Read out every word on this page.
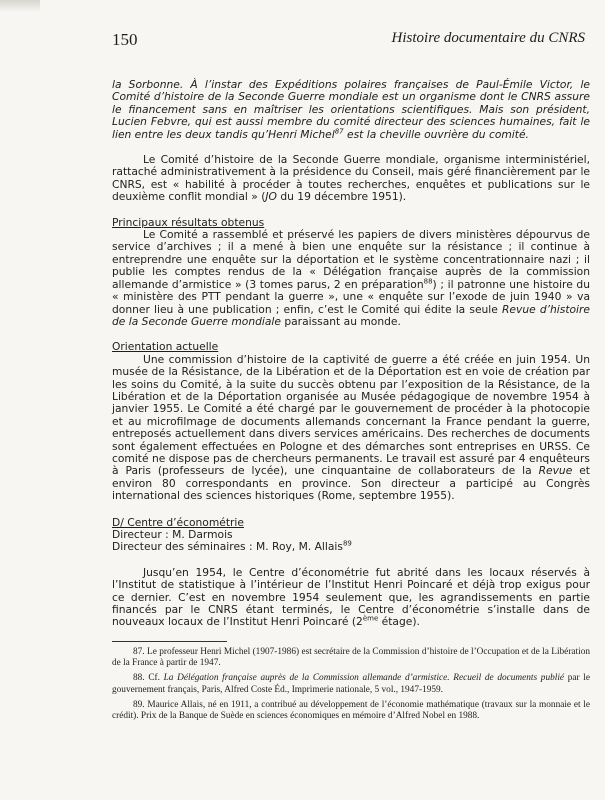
150	Histoire documentaire du CNRS

la Sorbonne. À l’instar des Expéditions polaires françaises de Paul-Émile Victor, le Comité d’histoire de la Seconde Guerre mondiale est un organisme dont le CNRS assure le financement sans en maîtriser les orientations scientifiques. Mais son président, Lucien Febvre, qui est aussi membre du comité directeur des sciences humaines, fait le lien entre les deux tandis qu’Henri Michel$^{87}$ est la cheville ouvrière du comité.

Le Comité d’histoire de la Seconde Guerre mondiale, organisme interministériel, rattaché administrativement à la présidence du Conseil, mais géré financièrement par le CNRS, est « habilité à procéder à toutes recherches, enquêtes et publications sur le deuxième conflit mondial » (JO du 19 décembre 1951).

Principaux résultats obtenus

Le Comité a rassemblé et préservé les papiers de divers ministères dépourvus de service d’archives ; il a mené à bien une enquête sur la résistance ; il continue à entreprendre une enquête sur la déportation et le système concentrationnaire nazi ; il publie les comptes rendus de la « Délégation française auprès de la commission allemande d’armistice » (3 tomes parus, 2 en préparation$^{88}$) ; il patronne une histoire du « ministère des PTT pendant la guerre », une « enquête sur l’exode de juin 1940 » va donner lieu à une publication ; enfin, c’est le Comité qui édite la seule Revue d’histoire de la Seconde Guerre mondiale paraissant au monde.

Orientation actuelle

Une commission d’histoire de la captivité de guerre a été créée en juin 1954. Un musée de la Résistance, de la Libération et de la Déportation est en voie de création par les soins du Comité, à la suite du succès obtenu par l’exposition de la Résistance, de la Libération et de la Déportation organisée au Musée pédagogique de novembre 1954 à janvier 1955. Le Comité a été chargé par le gouvernement de procéder à la photocopie et au microfilmage de documents allemands concernant la France pendant la guerre, entreposés actuellement dans divers services américains. Des recherches de documents sont également effectuées en Pologne et des démarches sont entreprises en URSS. Ce comité ne dispose pas de chercheurs permanents. Le travail est assuré par 4 enquêteurs à Paris (professeurs de lycée), une cinquantaine de collaborateurs de la Revue et environ 80 correspondants en province. Son directeur a participé au Congrès international des sciences historiques (Rome, septembre 1955).

D/ Centre d’économétrie

Directeur : M. Darmois

Directeur des séminaires : M. Roy, M. Allais$^{89}$

Jusqu’en 1954, le Centre d’économétrie fut abrité dans les locaux réservés à l’Institut de statistique à l’intérieur de l’Institut Henri Poincaré et déjà trop exigus pour ce dernier. C’est en novembre 1954 seulement que, les agrandissements en partie financés par le CNRS étant terminés, le Centre d’économétrie s’installe dans de nouveaux locaux de l’Institut Henri Poincaré (2ème étage).

87. Le professeur Henri Michel (1907-1986) est secrétaire de la Commission d’histoire de l’Occupation et de la Libération de la France à partir de 1947.

88. Cf. La Délégation française auprès de la Commission allemande d’armistice. Recueil de documents publié par le gouvernement français, Paris, Alfred Coste Éd., Imprimerie nationale, 5 vol., 1947-1959.

89. Maurice Allais, né en 1911, a contribué au développement de l’économie mathématique (travaux sur la monnaie et le crédit). Prix de la Banque de Suède en sciences économiques en mémoire d’Alfred Nobel en 1988.
